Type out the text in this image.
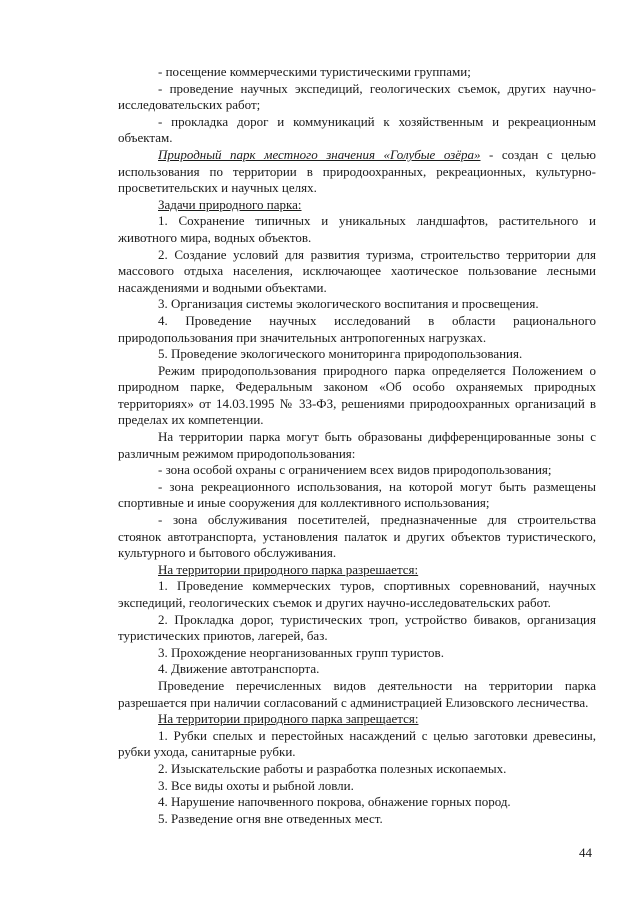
- посещение коммерческими туристическими группами;

- проведение научных экспедиций, геологических съемок, других научно-исследовательских работ;

- прокладка дорог и коммуникаций к хозяйственным и рекреационным объектам.

Природный парк местного значения «Голубые озёра» - создан с целью использования по территории в природоохранных, рекреационных, культурно-просветительских и научных целях.

Задачи природного парка:

1. Сохранение типичных и уникальных ландшафтов, растительного и животного мира, водных объектов.

2. Создание условий для развития туризма, строительство территории для массового отдыха населения, исключающее хаотическое пользование лесными насаждениями и водными объектами.

3. Организация системы экологического воспитания и просвещения.

4. Проведение научных исследований в области рационального природопользования при значительных антропогенных нагрузках.

5. Проведение экологического мониторинга природопользования.

Режим природопользования природного парка определяется Положением о природном парке, Федеральным законом «Об особо охраняемых природных территориях» от 14.03.1995 № 33-ФЗ, решениями природоохранных организаций в пределах их компетенции.

На территории парка могут быть образованы дифференцированные зоны с различным режимом природопользования:

- зона особой охраны с ограничением всех видов природопользования;

- зона рекреационного использования, на которой могут быть размещены спортивные и иные сооружения для коллективного использования;

- зона обслуживания посетителей, предназначенные для строительства стоянок автотранспорта, установления палаток и других объектов туристического, культурного и бытового обслуживания.

На территории природного парка разрешается:

1. Проведение коммерческих туров, спортивных соревнований, научных экспедиций, геологических съемок и других научно-исследовательских работ.

2. Прокладка дорог, туристических троп, устройство биваков, организация туристических приютов, лагерей, баз.

3. Прохождение неорганизованных групп туристов.

4. Движение автотранспорта.

Проведение перечисленных видов деятельности на территории парка разрешается при наличии согласований с администрацией Елизовского лесничества.

На территории природного парка запрещается:

1. Рубки спелых и перестойных насаждений с целью заготовки древесины, рубки ухода, санитарные рубки.

2. Изыскательские работы и разработка полезных ископаемых.

3. Все виды охоты и рыбной ловли.

4. Нарушение напочвенного покрова, обнажение горных пород.

5. Разведение огня вне отведенных мест.

44
